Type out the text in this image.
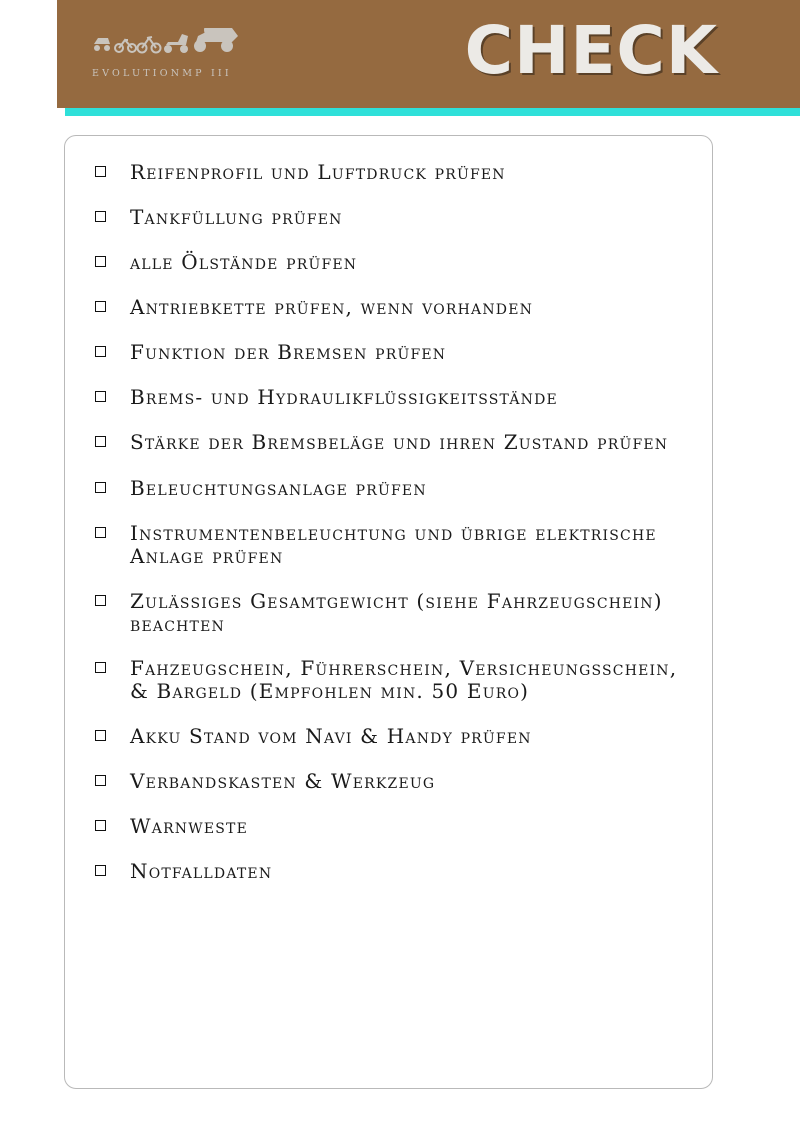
EVOLUTIONMP III	CHECK
Reifenprofil und Luftdruck prüfen
Tankfüllung prüfen
alle Ölstände prüfen
Antriebkette prüfen, wenn vorhanden
Funktion der Bremsen prüfen
Brems- und Hydraulikflüssigkeitsstände
Stärke der Bremsbeläge und ihren Zustand prüfen
Beleuchtungsanlage prüfen
Instrumentenbeleuchtung und übrige elektrische Anlage prüfen
Zulässiges Gesamtgewicht (siehe Fahrzeugschein) beachten
Fahzeugschein, Führerschein, Versicheungsschein, & Bargeld (Empfohlen min. 50 Euro)
Akku Stand vom Navi & Handy prüfen
Verbandskasten & Werkzeug
Warnweste
Notfalldaten
